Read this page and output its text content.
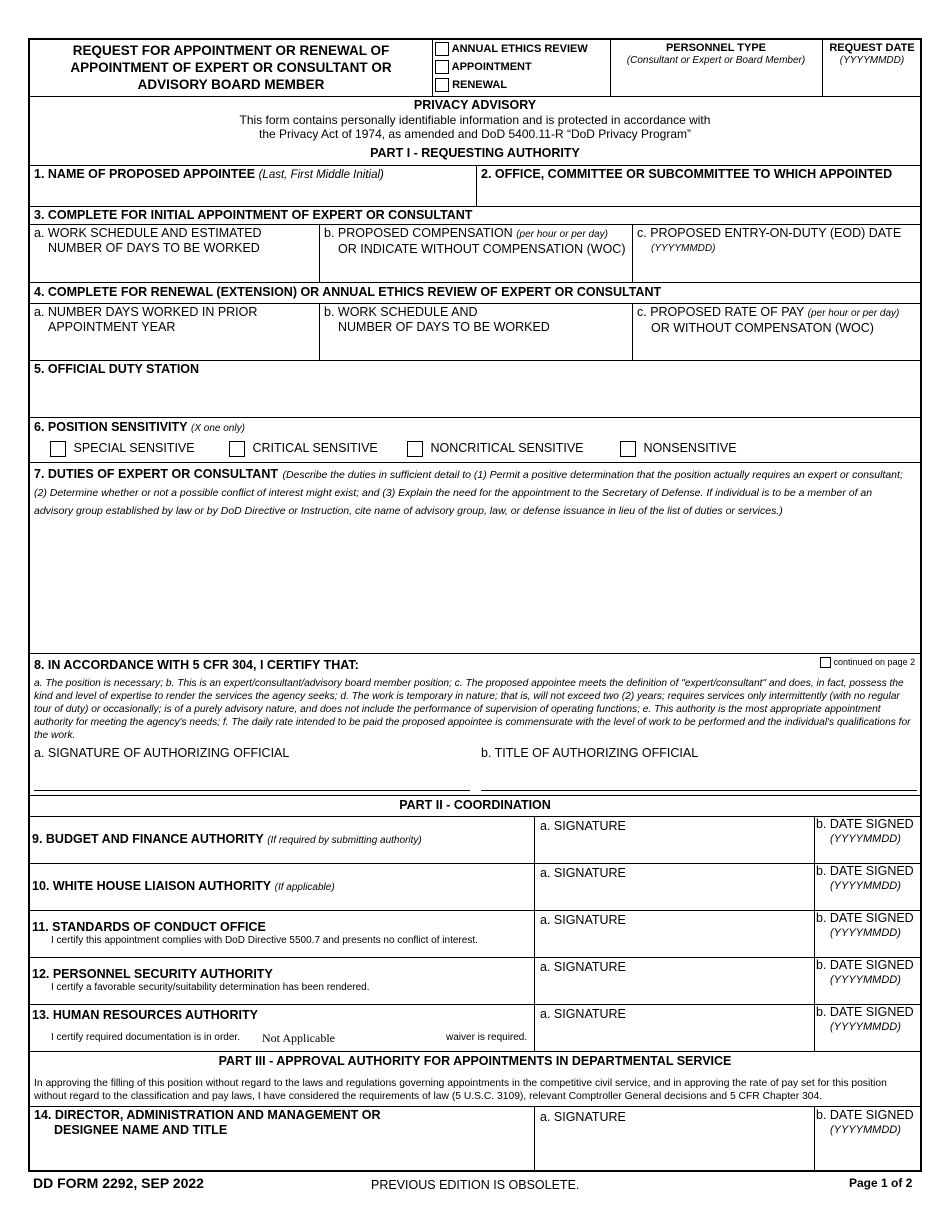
REQUEST FOR APPOINTMENT OR RENEWAL OF
APPOINTMENT OF EXPERT OR CONSULTANT OR
ADVISORY BOARD MEMBER
ANNUAL ETHICS REVIEW
APPOINTMENT
RENEWAL
PERSONNEL TYPE
(Consultant or Expert or Board Member)
REQUEST DATE
(YYYYMMDD)
PRIVACY ADVISORY
This form contains personally identifiable information and is protected in accordance with
the Privacy Act of 1974, as amended and DoD 5400.11-R “DoD Privacy Program”
PART I - REQUESTING AUTHORITY
1. NAME OF PROPOSED APPOINTEE (Last, First Middle Initial)	2. OFFICE, COMMITTEE OR SUBCOMMITTEE TO WHICH APPOINTED
3. COMPLETE FOR INITIAL APPOINTMENT OF EXPERT OR CONSULTANT
a. WORK SCHEDULE AND ESTIMATED
NUMBER OF DAYS TO BE WORKED
b. PROPOSED COMPENSATION (per hour or per day)
OR INDICATE WITHOUT COMPENSATION (WOC)
c. PROPOSED ENTRY-ON-DUTY (EOD) DATE
(YYYYMMDD)
4. COMPLETE FOR RENEWAL (EXTENSION) OR ANNUAL ETHICS REVIEW OF EXPERT OR CONSULTANT
a. NUMBER DAYS WORKED IN PRIOR
APPOINTMENT YEAR
b. WORK SCHEDULE AND
NUMBER OF DAYS TO BE WORKED
c. PROPOSED RATE OF PAY (per hour or per day)
OR WITHOUT COMPENSATON (WOC)
5. OFFICIAL DUTY STATION
6. POSITION SENSITIVITY (X one only)
SPECIAL SENSITIVE	CRITICAL SENSITIVE	NONCRITICAL SENSITIVE	NONSENSITIVE
7. DUTIES OF EXPERT OR CONSULTANT (Describe the duties in sufficient detail to (1) Permit a positive determination that the position actually requires an expert or consultant; (2) Determine whether or not a possible conflict of interest might exist; and (3) Explain the need for the appointment to the Secretary of Defense. If individual is to be a member of an advisory group established by law or by DoD Directive or Instruction, cite name of advisory group, law, or defense issuance in lieu of the list of duties or services.)
8. IN ACCORDANCE WITH 5 CFR 304, I CERTIFY THAT:	continued on page 2
a. The position is necessary; b. This is an expert/consultant/advisory board member position; c. The proposed appointee meets the definition of "expert/consultant" and does, in fact, possess the kind and level of expertise to render the services the agency seeks; d. The work is temporary in nature; that is, will not exceed two (2) years; requires services only intermittently (with no regular tour of duty) or occasionally; is of a purely advisory nature, and does not include the performance of supervision of operating functions; e. This authority is the most appropriate appointment authority for meeting the agency's needs; f. The daily rate intended to be paid the proposed appointee is commensurate with the level of work to be performed and the individual's qualifications for the work.
a. SIGNATURE OF AUTHORIZING OFFICIAL	b. TITLE OF AUTHORIZING OFFICIAL
PART II - COORDINATION
9. BUDGET AND FINANCE AUTHORITY (If required by submitting authority)
a. SIGNATURE	b. DATE SIGNED
(YYYYMMDD)
10. WHITE HOUSE LIAISON AUTHORITY (If applicable)
a. SIGNATURE	b. DATE SIGNED
(YYYYMMDD)
11. STANDARDS OF CONDUCT OFFICE
I certify this appointment complies with DoD Directive 5500.7 and presents no conflict of interest.
a. SIGNATURE	b. DATE SIGNED
(YYYYMMDD)
12. PERSONNEL SECURITY AUTHORITY
I certify a favorable security/suitability determination has been rendered.
a. SIGNATURE	b. DATE SIGNED
(YYYYMMDD)
13. HUMAN RESOURCES AUTHORITY
I certify required documentation is in order. Not Applicable	waiver is required.
a. SIGNATURE	b. DATE SIGNED
(YYYYMMDD)
PART III - APPROVAL AUTHORITY FOR APPOINTMENTS IN DEPARTMENTAL SERVICE
In approving the filling of this position without regard to the laws and regulations governing appointments in the competitive civil service, and in approving the rate of pay set for this position without regard to the classification and pay laws, I have considered the requirements of law (5 U.S.C. 3109), relevant Comptroller General decisions and 5 CFR Chapter 304.
14. DIRECTOR, ADMINISTRATION AND MANAGEMENT OR
DESIGNEE NAME AND TITLE
a. SIGNATURE	b. DATE SIGNED
(YYYYMMDD)
DD FORM 2292, SEP 2022	PREVIOUS EDITION IS OBSOLETE.	Page 1 of 2
